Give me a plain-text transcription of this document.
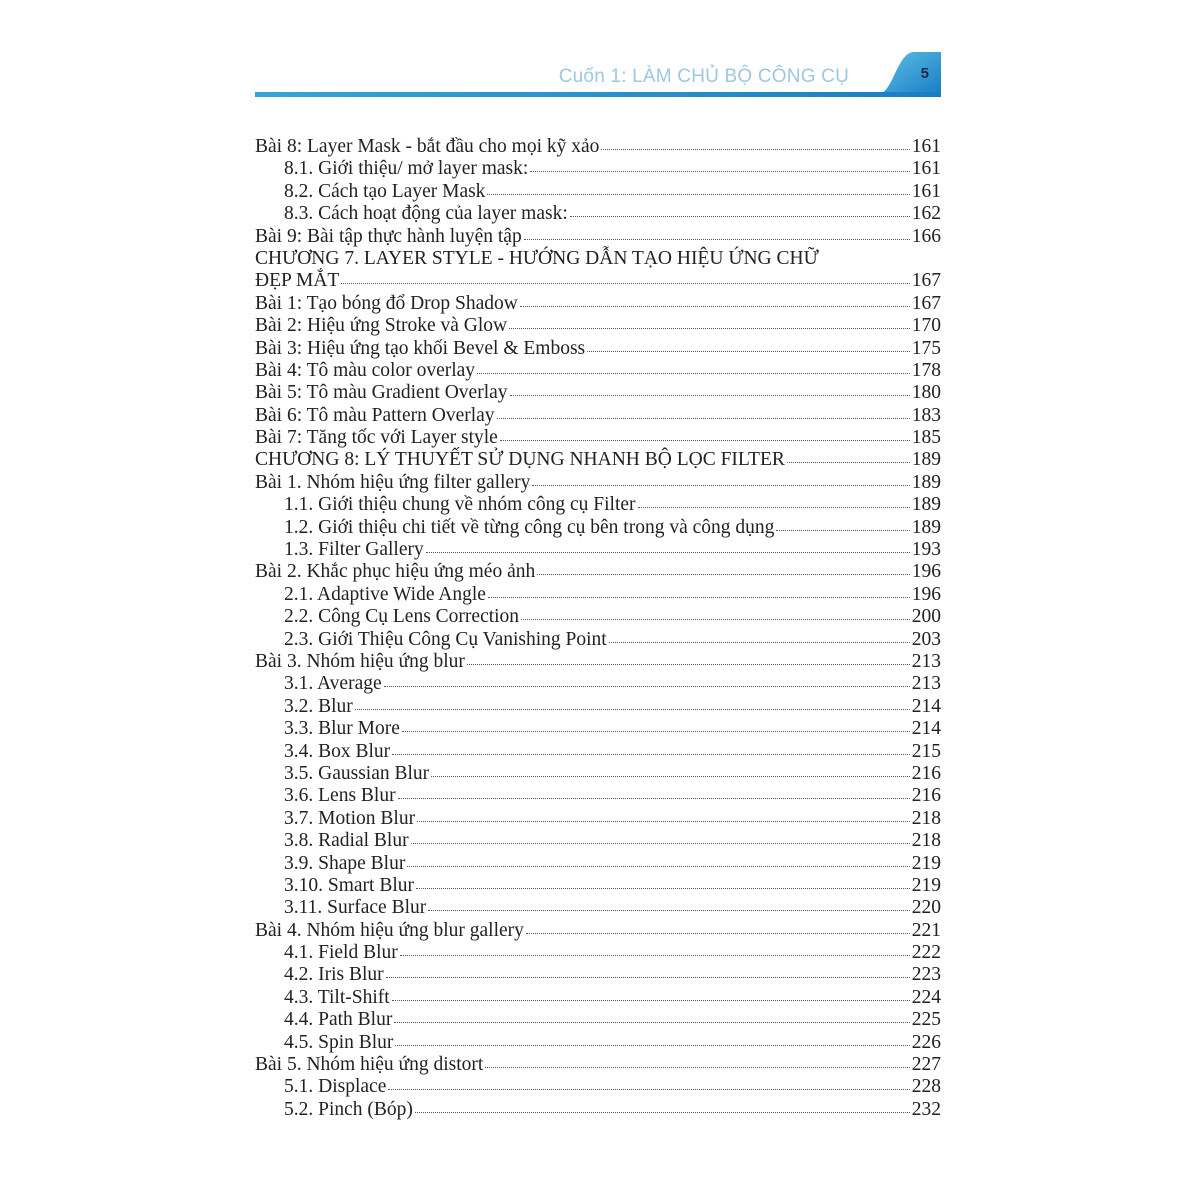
Cuốn 1: LÀM CHỦ BỘ CÔNG CỤ	5
Bài 8: Layer Mask - bắt đầu cho mọi kỹ xảo	161
8.1. Giới thiệu/ mở layer mask:	161
8.2. Cách tạo Layer Mask	161
8.3. Cách hoạt động của layer mask:	162
Bài 9: Bài tập thực hành luyện tập	166
CHƯƠNG 7. LAYER STYLE - HƯỚNG DẪN TẠO HIỆU ỨNG CHỮ
ĐẸP MẮT	167
Bài 1: Tạo bóng đổ Drop Shadow	167
Bài 2: Hiệu ứng Stroke và Glow	170
Bài 3: Hiệu ứng tạo khối Bevel & Emboss	175
Bài 4: Tô màu color overlay	178
Bài 5: Tô màu Gradient Overlay	180
Bài 6: Tô màu Pattern Overlay	183
Bài 7: Tăng tốc với Layer style	185
CHƯƠNG 8: LÝ THUYẾT SỬ DỤNG NHANH BỘ LỌC FILTER	189
Bài 1. Nhóm hiệu ứng filter gallery	189
1.1. Giới thiệu chung về nhóm công cụ Filter	189
1.2. Giới thiệu chi tiết về từng công cụ bên trong và công dụng	189
1.3. Filter Gallery	193
Bài 2. Khắc phục hiệu ứng méo ảnh	196
2.1. Adaptive Wide Angle	196
2.2. Công Cụ Lens Correction	200
2.3. Giới Thiệu Công Cụ Vanishing Point	203
Bài 3. Nhóm hiệu ứng blur	213
3.1. Average	213
3.2. Blur	214
3.3. Blur More	214
3.4. Box Blur	215
3.5. Gaussian Blur	216
3.6. Lens Blur	216
3.7. Motion Blur	218
3.8. Radial Blur	218
3.9. Shape Blur	219
3.10. Smart Blur	219
3.11. Surface Blur	220
Bài 4. Nhóm hiệu ứng blur gallery	221
4.1. Field Blur	222
4.2. Iris Blur	223
4.3. Tilt-Shift	224
4.4. Path Blur	225
4.5. Spin Blur	226
Bài 5. Nhóm hiệu ứng distort	227
5.1. Displace	228
5.2. Pinch (Bóp)	232
